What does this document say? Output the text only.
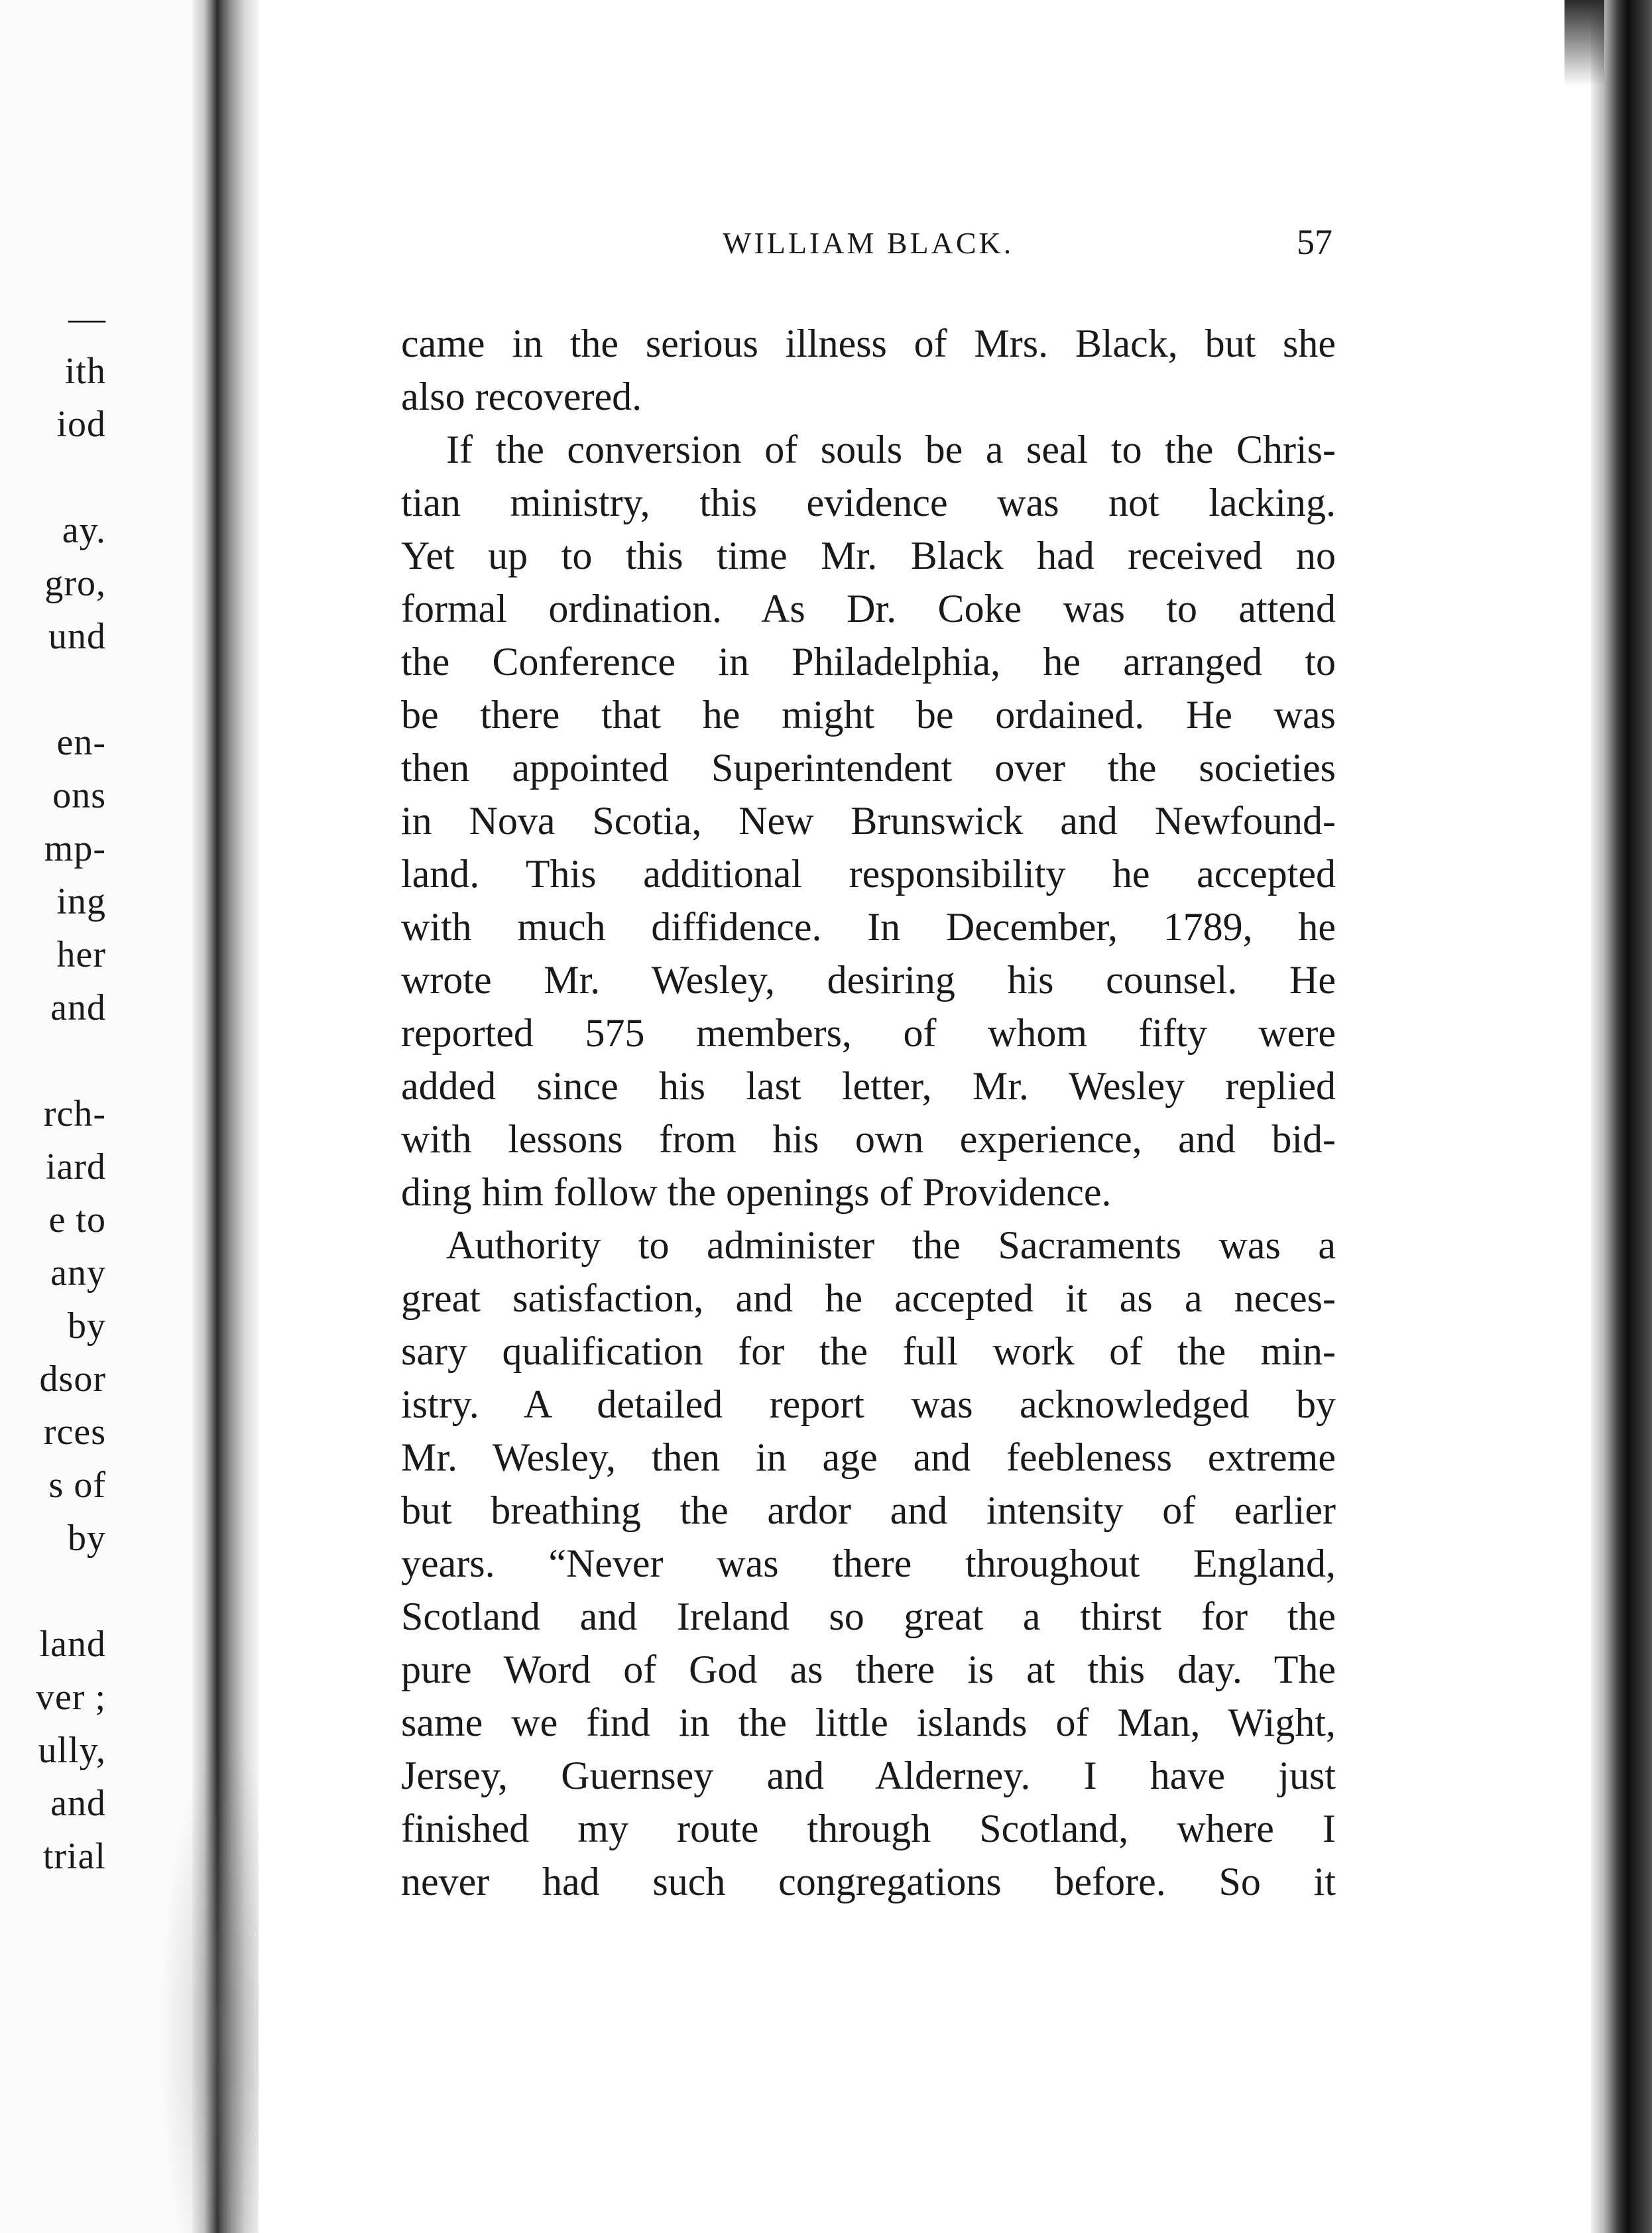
—
ith
iod
ay.
gro,
und
en-
ons
mp-
ing
her
and
rch-
iard
e to
any
by
dsor
rces
s of
by
land
ver ;
ully,
and
trial
WILLIAM BLACK.	57
came in the serious illness of Mrs. Black, but she
also recovered.
If the conversion of souls be a seal to the Chris-
tian ministry, this evidence was not lacking.
Yet up to this time Mr. Black had received no
formal ordination. As Dr. Coke was to attend
the Conference in Philadelphia, he arranged to
be there that he might be ordained. He was
then appointed Superintendent over the societies
in Nova Scotia, New Brunswick and Newfound-
land. This additional responsibility he accepted
with much diffidence. In December, 1789, he
wrote Mr. Wesley, desiring his counsel. He
reported 575 members, of whom fifty were
added since his last letter, Mr. Wesley replied
with lessons from his own experience, and bid-
ding him follow the openings of Providence.
Authority to administer the Sacraments was a
great satisfaction, and he accepted it as a neces-
sary qualification for the full work of the min-
istry. A detailed report was acknowledged by
Mr. Wesley, then in age and feebleness extreme
but breathing the ardor and intensity of earlier
years. “Never was there throughout England,
Scotland and Ireland so great a thirst for the
pure Word of God as there is at this day. The
same we find in the little islands of Man, Wight,
Jersey, Guernsey and Alderney. I have just
finished my route through Scotland, where I
never had such congregations before. So it
